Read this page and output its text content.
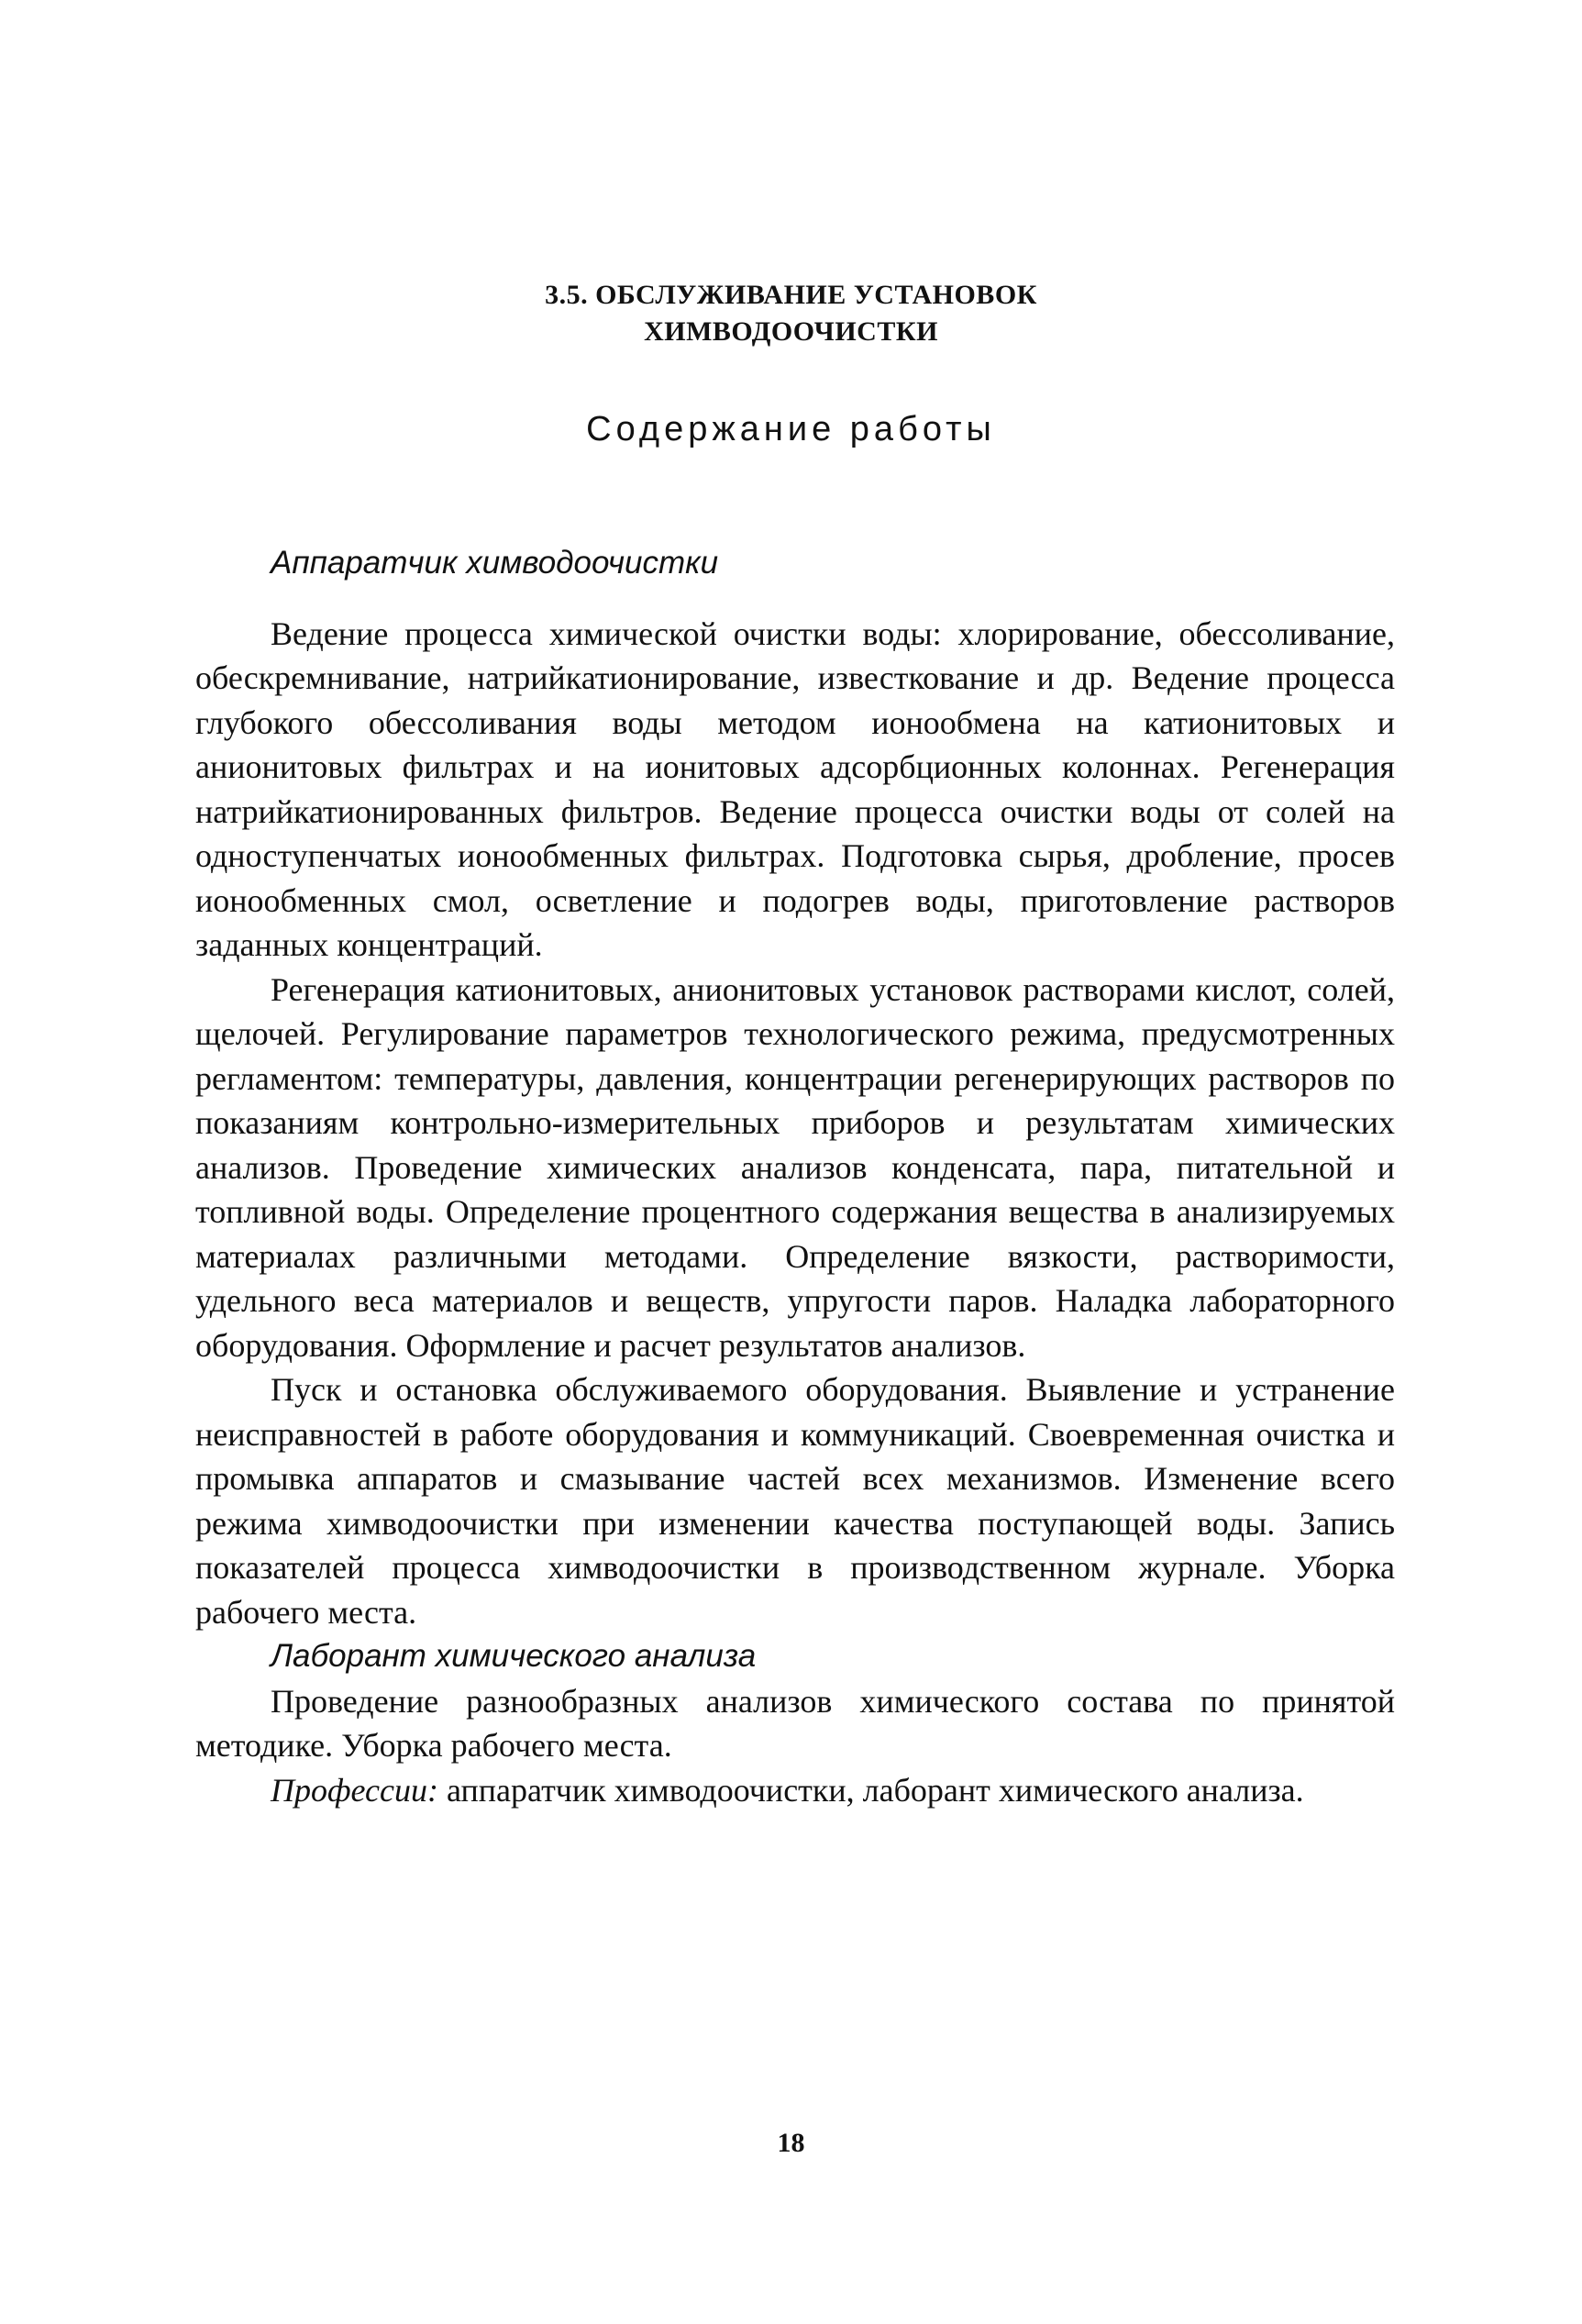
3.5. ОБСЛУЖИВАНИЕ УСТАНОВОК
ХИМВОДООЧИСТКИ
Содержание работы

Аппаратчик химводоочистки

Ведение процесса химической очистки воды: хлорирование, обессоливание, обескремнивание, натрийкатионирование, известкование и др. Ведение процесса глубокого обессоливания воды методом ионообмена на катионитовых и анионитовых фильтрах и на ионитовых адсорбционных колоннах. Регенерация натрийкатионированных фильтров. Ведение процесса очистки воды от солей на одноступенчатых ионообменных фильтрах. Подготовка сырья, дробление, просев ионообменных смол, осветление и подогрев воды, приготовление растворов заданных концентраций.

Регенерация катионитовых, анионитовых установок растворами кислот, солей, щелочей. Регулирование параметров технологического режима, предусмотренных регламентом: температуры, давления, концентрации регенерирующих растворов по показаниям контрольно-измерительных приборов и результатам химических анализов. Проведение химических анализов конденсата, пара, питательной и топливной воды. Определение процентного содержания вещества в анализируемых материалах различными методами. Определение вязкости, растворимости, удельного веса материалов и веществ, упругости паров. Наладка лабораторного оборудования. Оформление и расчет результатов анализов.

Пуск и остановка обслуживаемого оборудования. Выявление и устранение неисправностей в работе оборудования и коммуникаций. Своевременная очистка и промывка аппаратов и смазывание частей всех механизмов. Изменение всего режима химводоочистки при изменении качества поступающей воды. Запись показателей процесса химводоочистки в производственном журнале. Уборка рабочего места.

Лаборант химического анализа

Проведение разнообразных анализов химического состава по принятой методике. Уборка рабочего места.

Профессии: аппаратчик химводоочистки, лаборант химического анализа.

18
